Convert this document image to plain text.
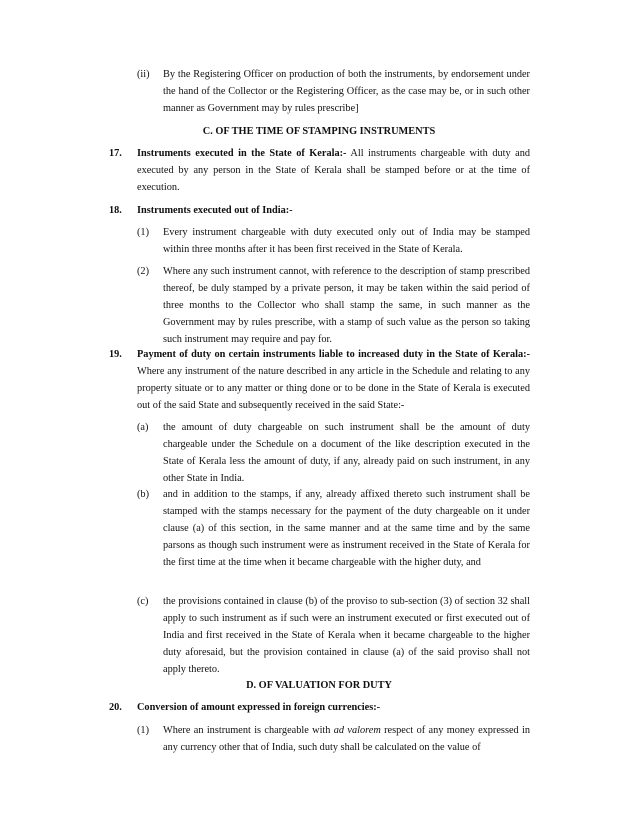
(ii) By the Registering Officer on production of both the instruments, by endorsement under the hand of the Collector or the Registering Officer, as the case may be, or in such other manner as Government may by rules prescribe]
C. OF THE TIME OF STAMPING INSTRUMENTS
17. Instruments executed in the State of Kerala:- All instruments chargeable with duty and executed by any person in the State of Kerala shall be stamped before or at the time of execution.
18. Instruments executed out of India:-
(1) Every instrument chargeable with duty executed only out of India may be stamped within three months after it has been first received in the State of Kerala.
(2) Where any such instrument cannot, with reference to the description of stamp prescribed thereof, be duly stamped by a private person, it may be taken within the said period of three months to the Collector who shall stamp the same, in such manner as the Government may by rules prescribe, with a stamp of such value as the person so taking such instrument may require and pay for.
19. Payment of duty on certain instruments liable to increased duty in the State of Kerala:- Where any instrument of the nature described in any article in the Schedule and relating to any property situate or to any matter or thing done or to be done in the State of Kerala is executed out of the said State and subsequently received in the said State:-
(a) the amount of duty chargeable on such instrument shall be the amount of duty chargeable under the Schedule on a document of the like description executed in the State of Kerala less the amount of duty, if any, already paid on such instrument, in any other State in India.
(b) and in addition to the stamps, if any, already affixed thereto such instrument shall be stamped with the stamps necessary for the payment of the duty chargeable on it under clause (a) of this section, in the same manner and at the same time and by the same parsons as though such instrument were as instrument received in the State of Kerala for the first time at the time when it became chargeable with the higher duty, and
(c) the provisions contained in clause (b) of the proviso to sub-section (3) of section 32 shall apply to such instrument as if such were an instrument executed or first executed out of India and first received in the State of Kerala when it became chargeable to the higher duty aforesaid, but the provision contained in clause (a) of the said proviso shall not apply thereto.
D. OF VALUATION FOR DUTY
20. Conversion of amount expressed in foreign currencies:-
(1) Where an instrument is chargeable with ad valorem respect of any money expressed in any currency other that of India, such duty shall be calculated on the value of
